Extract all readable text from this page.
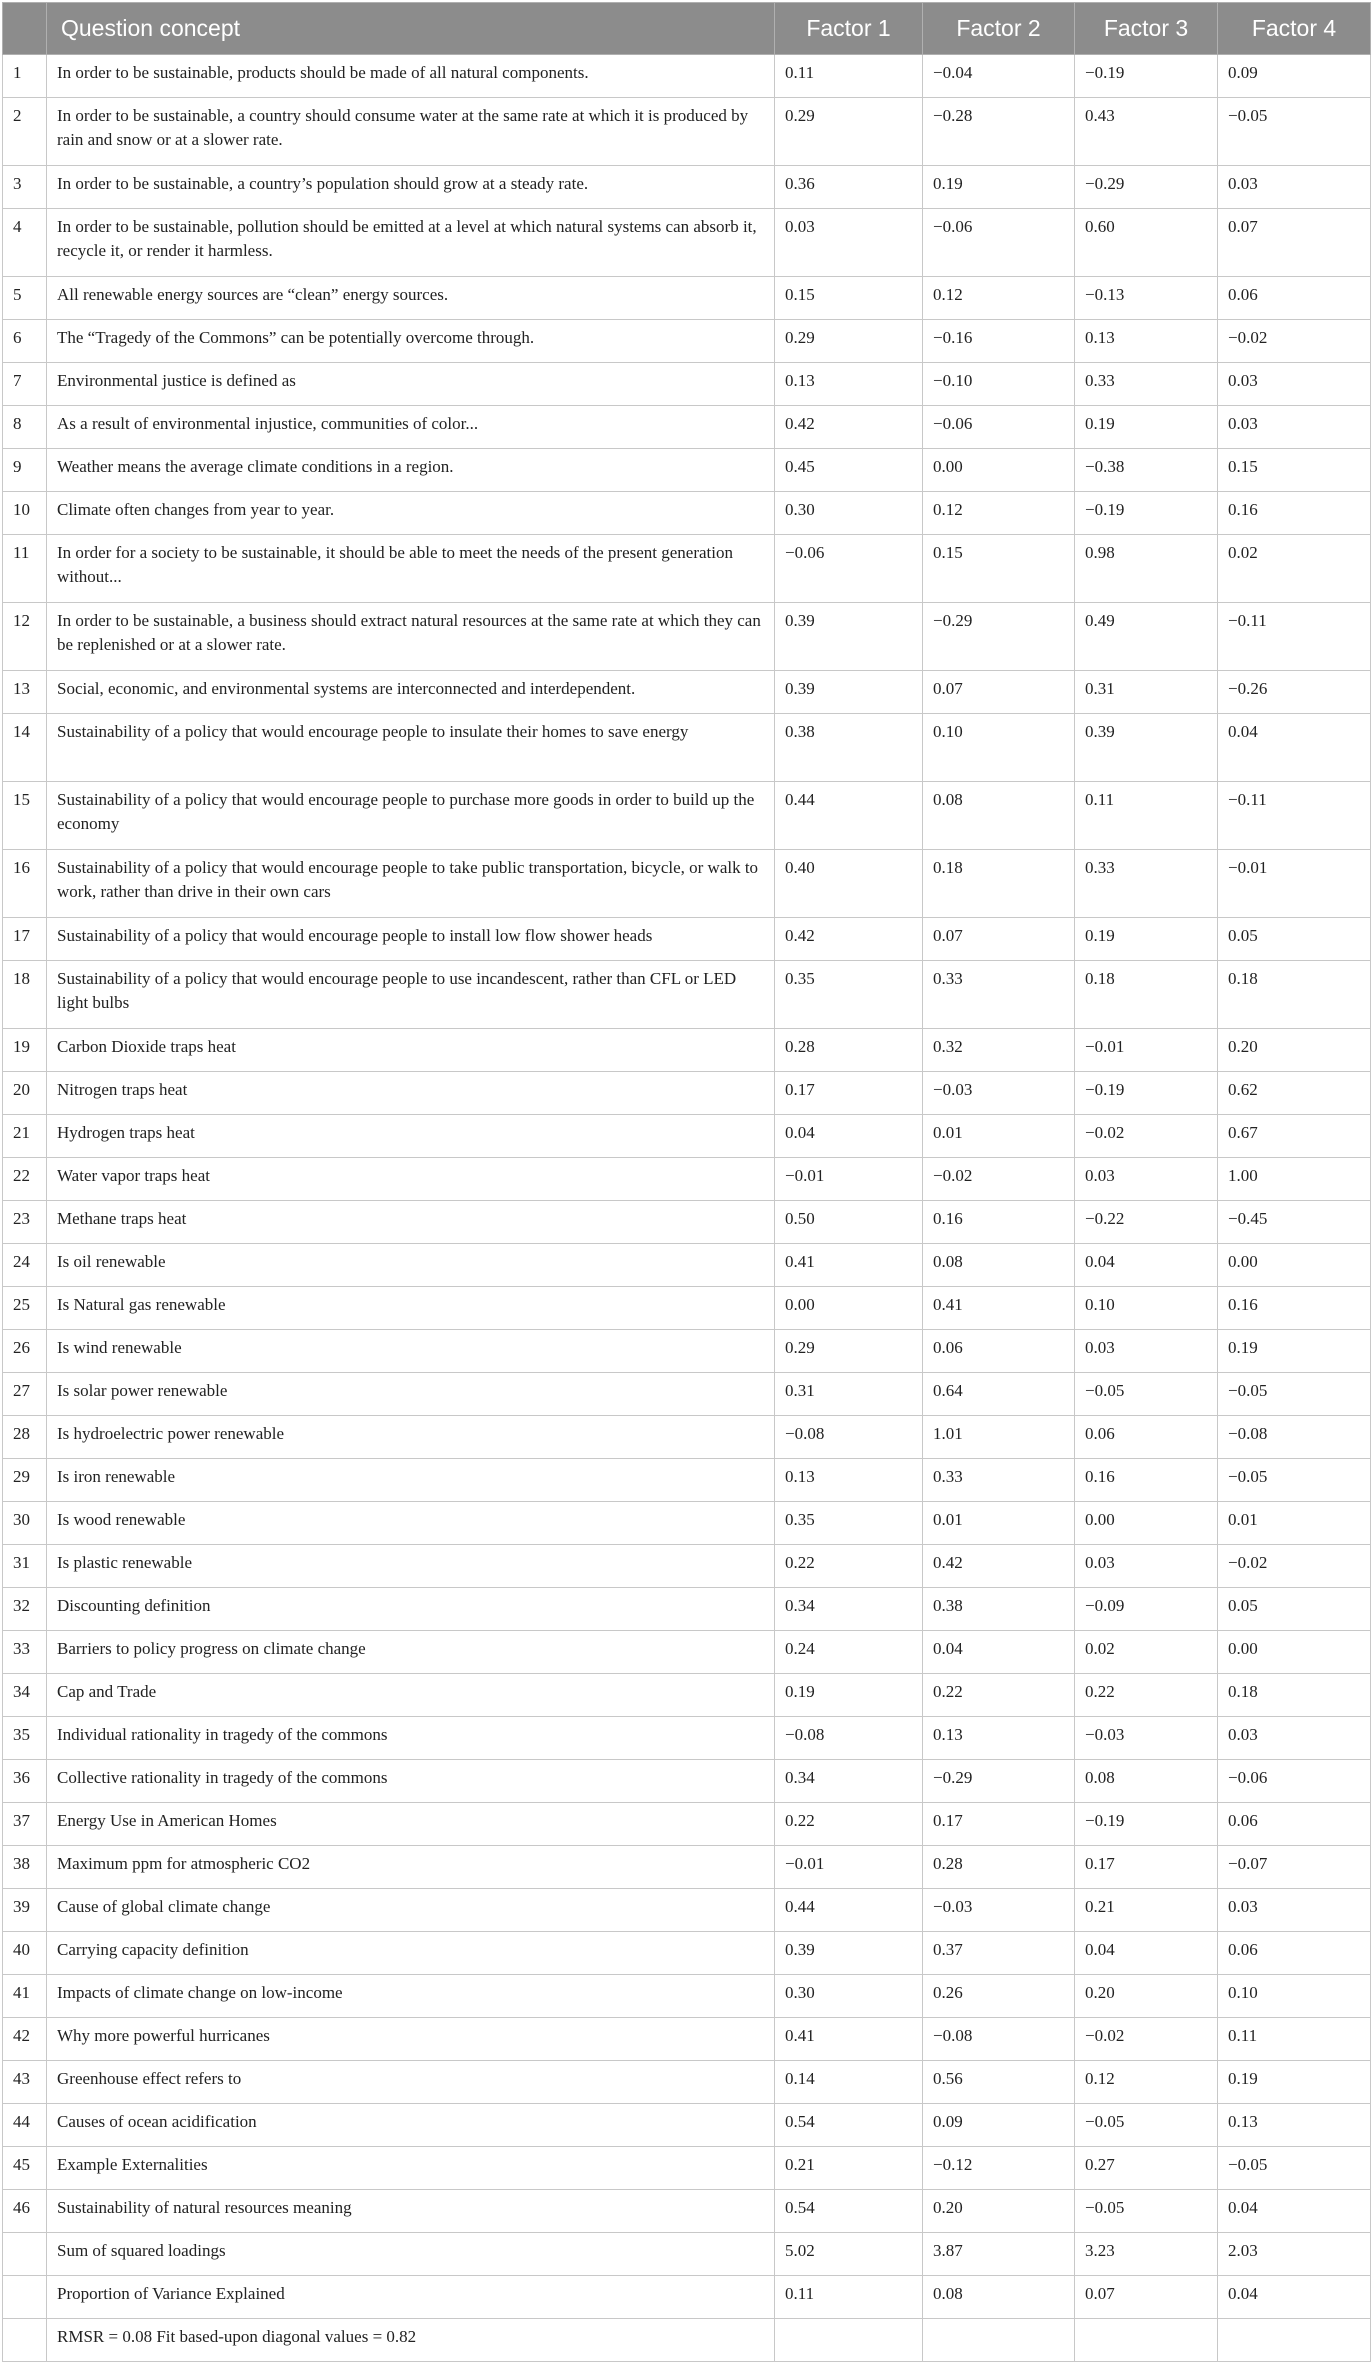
	Question concept	Factor 1	Factor 2	Factor 3	Factor 4
1	In order to be sustainable, products should be made of all natural components.	0.11	−0.04	−0.19	0.09
2	In order to be sustainable, a country should consume water at the same rate at which it is produced by rain and snow or at a slower rate.	0.29	−0.28	0.43	−0.05
3	In order to be sustainable, a country’s population should grow at a steady rate.	0.36	0.19	−0.29	0.03
4	In order to be sustainable, pollution should be emitted at a level at which natural systems can absorb it, recycle it, or render it harmless.	0.03	−0.06	0.60	0.07
5	All renewable energy sources are “clean” energy sources.	0.15	0.12	−0.13	0.06
6	The “Tragedy of the Commons” can be potentially overcome through.	0.29	−0.16	0.13	−0.02
7	Environmental justice is defined as	0.13	−0.10	0.33	0.03
8	As a result of environmental injustice, communities of color...	0.42	−0.06	0.19	0.03
9	Weather means the average climate conditions in a region.	0.45	0.00	−0.38	0.15
10	Climate often changes from year to year.	0.30	0.12	−0.19	0.16
11	In order for a society to be sustainable, it should be able to meet the needs of the present generation without...	−0.06	0.15	0.98	0.02
12	In order to be sustainable, a business should extract natural resources at the same rate at which they can be replenished or at a slower rate.	0.39	−0.29	0.49	−0.11
13	Social, economic, and environmental systems are interconnected and interdependent.	0.39	0.07	0.31	−0.26
14	Sustainability of a policy that would encourage people to insulate their homes to save energy	0.38	0.10	0.39	0.04
15	Sustainability of a policy that would encourage people to purchase more goods in order to build up the economy	0.44	0.08	0.11	−0.11
16	Sustainability of a policy that would encourage people to take public transportation, bicycle, or walk to work, rather than drive in their own cars	0.40	0.18	0.33	−0.01
17	Sustainability of a policy that would encourage people to install low flow shower heads	0.42	0.07	0.19	0.05
18	Sustainability of a policy that would encourage people to use incandescent, rather than CFL or LED light bulbs	0.35	0.33	0.18	0.18
19	Carbon Dioxide traps heat	0.28	0.32	−0.01	0.20
20	Nitrogen traps heat	0.17	−0.03	−0.19	0.62
21	Hydrogen traps heat	0.04	0.01	−0.02	0.67
22	Water vapor traps heat	−0.01	−0.02	0.03	1.00
23	Methane traps heat	0.50	0.16	−0.22	−0.45
24	Is oil renewable	0.41	0.08	0.04	0.00
25	Is Natural gas renewable	0.00	0.41	0.10	0.16
26	Is wind renewable	0.29	0.06	0.03	0.19
27	Is solar power renewable	0.31	0.64	−0.05	−0.05
28	Is hydroelectric power renewable	−0.08	1.01	0.06	−0.08
29	Is iron renewable	0.13	0.33	0.16	−0.05
30	Is wood renewable	0.35	0.01	0.00	0.01
31	Is plastic renewable	0.22	0.42	0.03	−0.02
32	Discounting definition	0.34	0.38	−0.09	0.05
33	Barriers to policy progress on climate change	0.24	0.04	0.02	0.00
34	Cap and Trade	0.19	0.22	0.22	0.18
35	Individual rationality in tragedy of the commons	−0.08	0.13	−0.03	0.03
36	Collective rationality in tragedy of the commons	0.34	−0.29	0.08	−0.06
37	Energy Use in American Homes	0.22	0.17	−0.19	0.06
38	Maximum ppm for atmospheric CO2	−0.01	0.28	0.17	−0.07
39	Cause of global climate change	0.44	−0.03	0.21	0.03
40	Carrying capacity definition	0.39	0.37	0.04	0.06
41	Impacts of climate change on low-income	0.30	0.26	0.20	0.10
42	Why more powerful hurricanes	0.41	−0.08	−0.02	0.11
43	Greenhouse effect refers to	0.14	0.56	0.12	0.19
44	Causes of ocean acidification	0.54	0.09	−0.05	0.13
45	Example Externalities	0.21	−0.12	0.27	−0.05
46	Sustainability of natural resources meaning	0.54	0.20	−0.05	0.04
	Sum of squared loadings	5.02	3.87	3.23	2.03
	Proportion of Variance Explained	0.11	0.08	0.07	0.04
	RMSR = 0.08 Fit based-upon diagonal values = 0.82				
